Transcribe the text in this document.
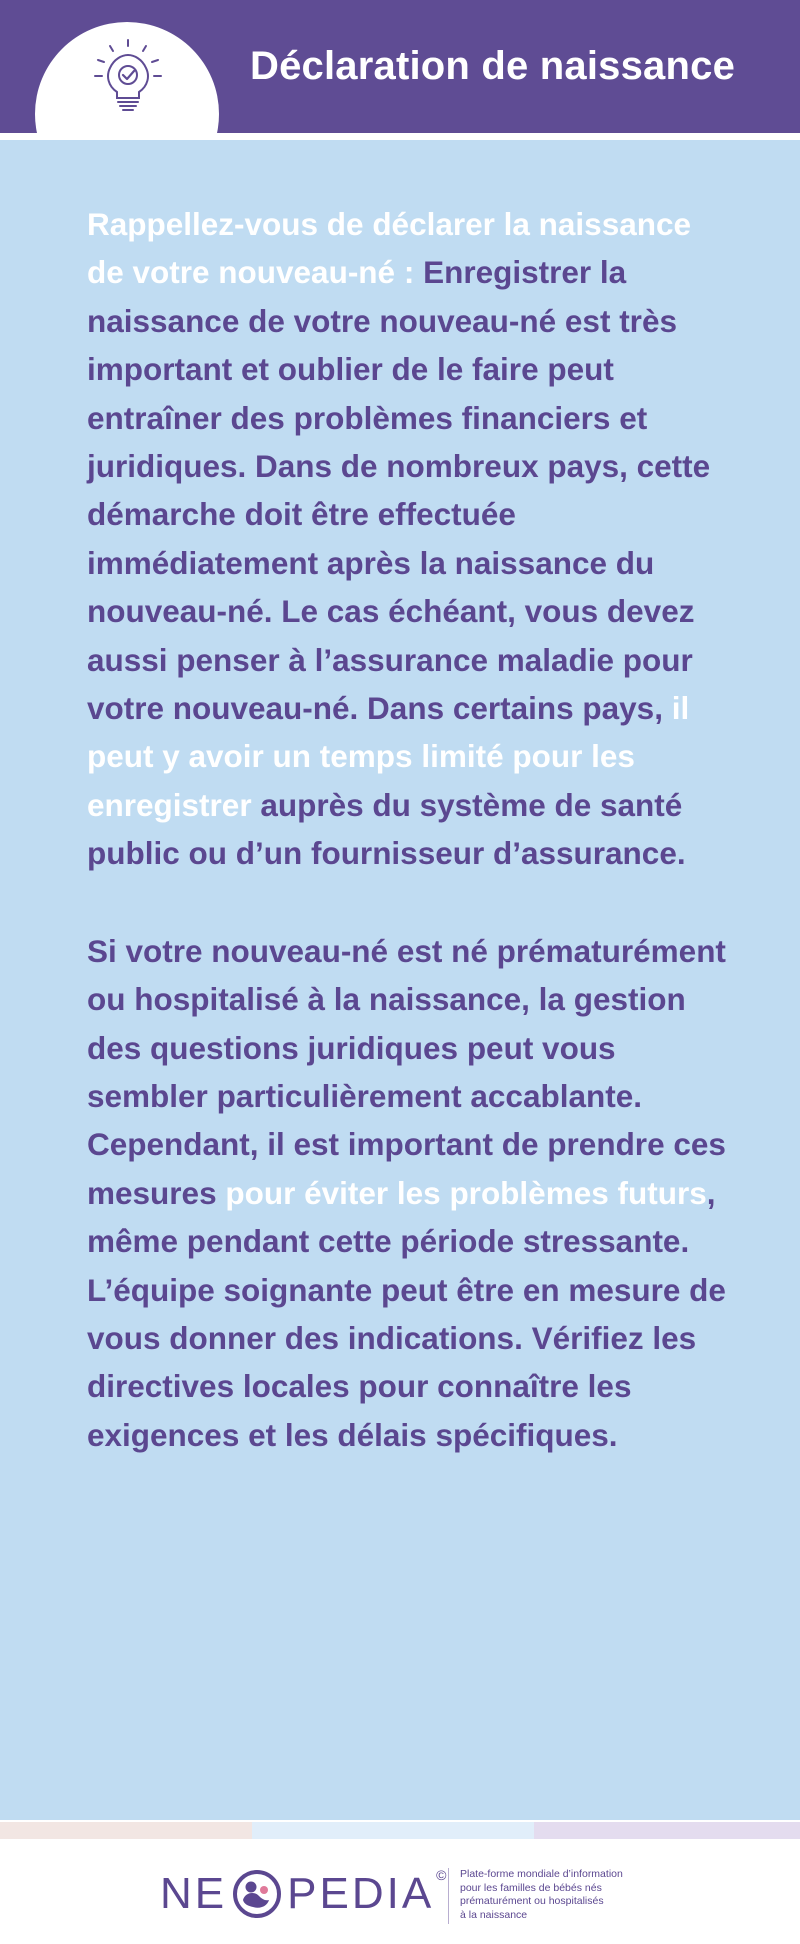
Déclaration de naissance

Rappellez-vous de déclarer la naissance de votre nouveau-né : Enregistrer la naissance de votre nouveau-né est très important et oublier de le faire peut entraîner des problèmes financiers et juridiques. Dans de nombreux pays, cette démarche doit être effectuée immédiatement après la naissance du nouveau-né. Le cas échéant, vous devez aussi penser à l’assurance maladie pour votre nouveau-né. Dans certains pays, il peut y avoir un temps limité pour les enregistrer auprès du système de santé public ou d’un fournisseur d’assurance.

Si votre nouveau-né est né prématurément ou hospitalisé à la naissance, la gestion des questions juridiques peut vous sembler particulièrement accablante. Cependant, il est important de prendre ces mesures pour éviter les problèmes futurs, même pendant cette période stressante. L’équipe soignante peut être en mesure de vous donner des indications. Vérifiez les directives locales pour connaître les exigences et les délais spécifiques.

NE PEDIA © Plate-forme mondiale d’information
pour les familles de bébés nés
prématurément ou hospitalisés
à la naissance
